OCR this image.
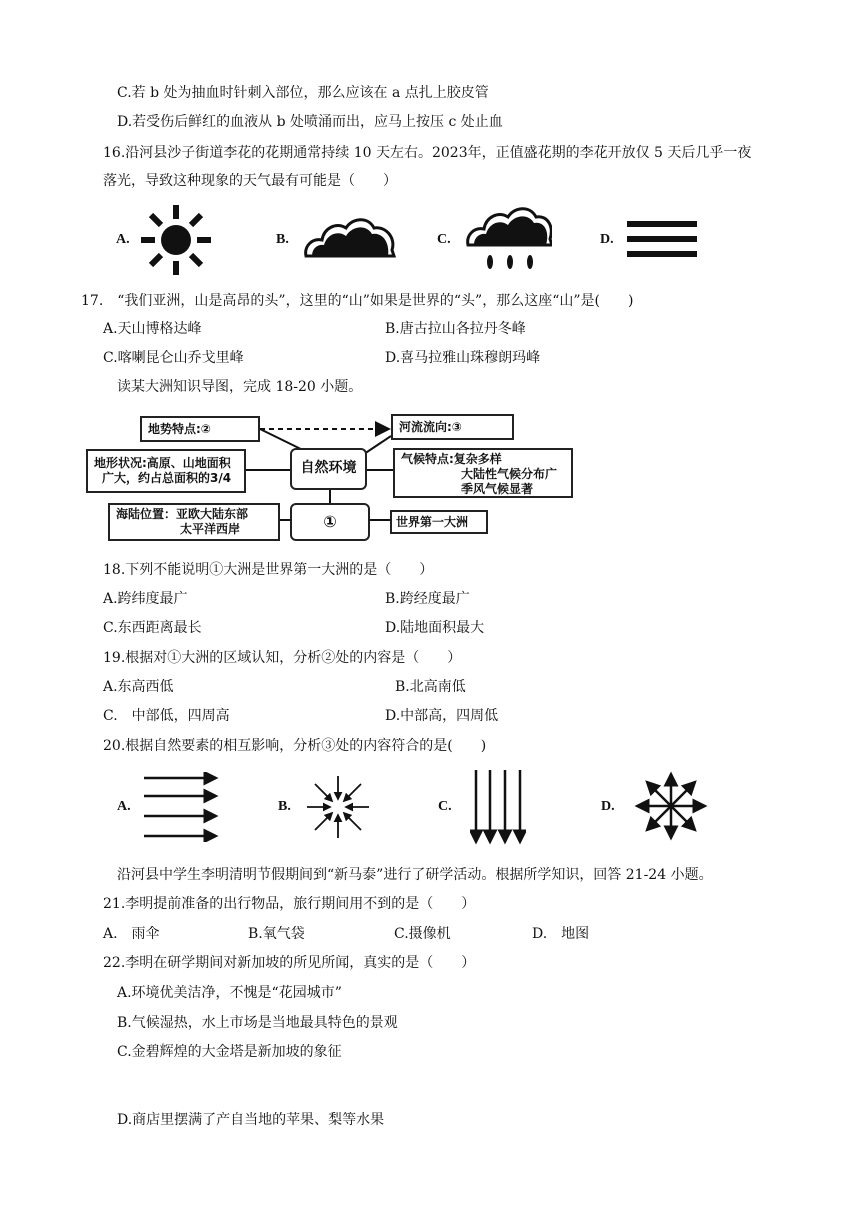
C.若 b 处为抽血时针刺入部位，那么应该在 a 点扎上胶皮管
D.若受伤后鲜红的血液从 b 处喷涌而出，应马上按压 c 处止血
16.沿河县沙子街道李花的花期通常持续 10 天左右。2023年，正值盛花期的李花开放仅 5 天后几乎一夜
落光，导致这种现象的天气最有可能是（　　）
A.	B.	C.	D.
17.　“我们亚洲，山是高昂的头”，这里的“山”如果是世界的“头”，那么这座“山”是(　　)
A.天山博格达峰	B.唐古拉山各拉丹冬峰
C.喀喇昆仑山乔戈里峰	D.喜马拉雅山珠穆朗玛峰
读某大洲知识导图，完成 18-20 小题。
地势特点:②	河流流向:③
地形状况:高原、山地面积
广大，约占总面积的3/4
自然环境
气候特点:复杂多样
大陆性气候分布广
季风气候显著
海陆位置：亚欧大陆东部
太平洋西岸	①	世界第一大洲
18.下列不能说明①大洲是世界第一大洲的是（　　）
A.跨纬度最广	B.跨经度最广
C.东西距离最长	D.陆地面积最大
19.根据对①大洲的区域认知，分析②处的内容是（　　）
A.东高西低	B.北高南低
C.　中部低，四周高	D.中部高，四周低
20.根据自然要素的相互影响，分析③处的内容符合的是(　　)
A.	B.	C.	D.
沿河县中学生李明清明节假期间到“新马泰”进行了研学活动。根据所学知识，回答 21-24 小题。
21.李明提前准备的出行物品，旅行期间用不到的是（　　）
A.　雨伞	B.氧气袋	C.摄像机	D.　地图
22.李明在研学期间对新加坡的所见所闻，真实的是（　　）
A.环境优美洁净，不愧是“花园城市”
B.气候湿热，水上市场是当地最具特色的景观
C.金碧辉煌的大金塔是新加坡的象征
D.商店里摆满了产自当地的苹果、梨等水果
